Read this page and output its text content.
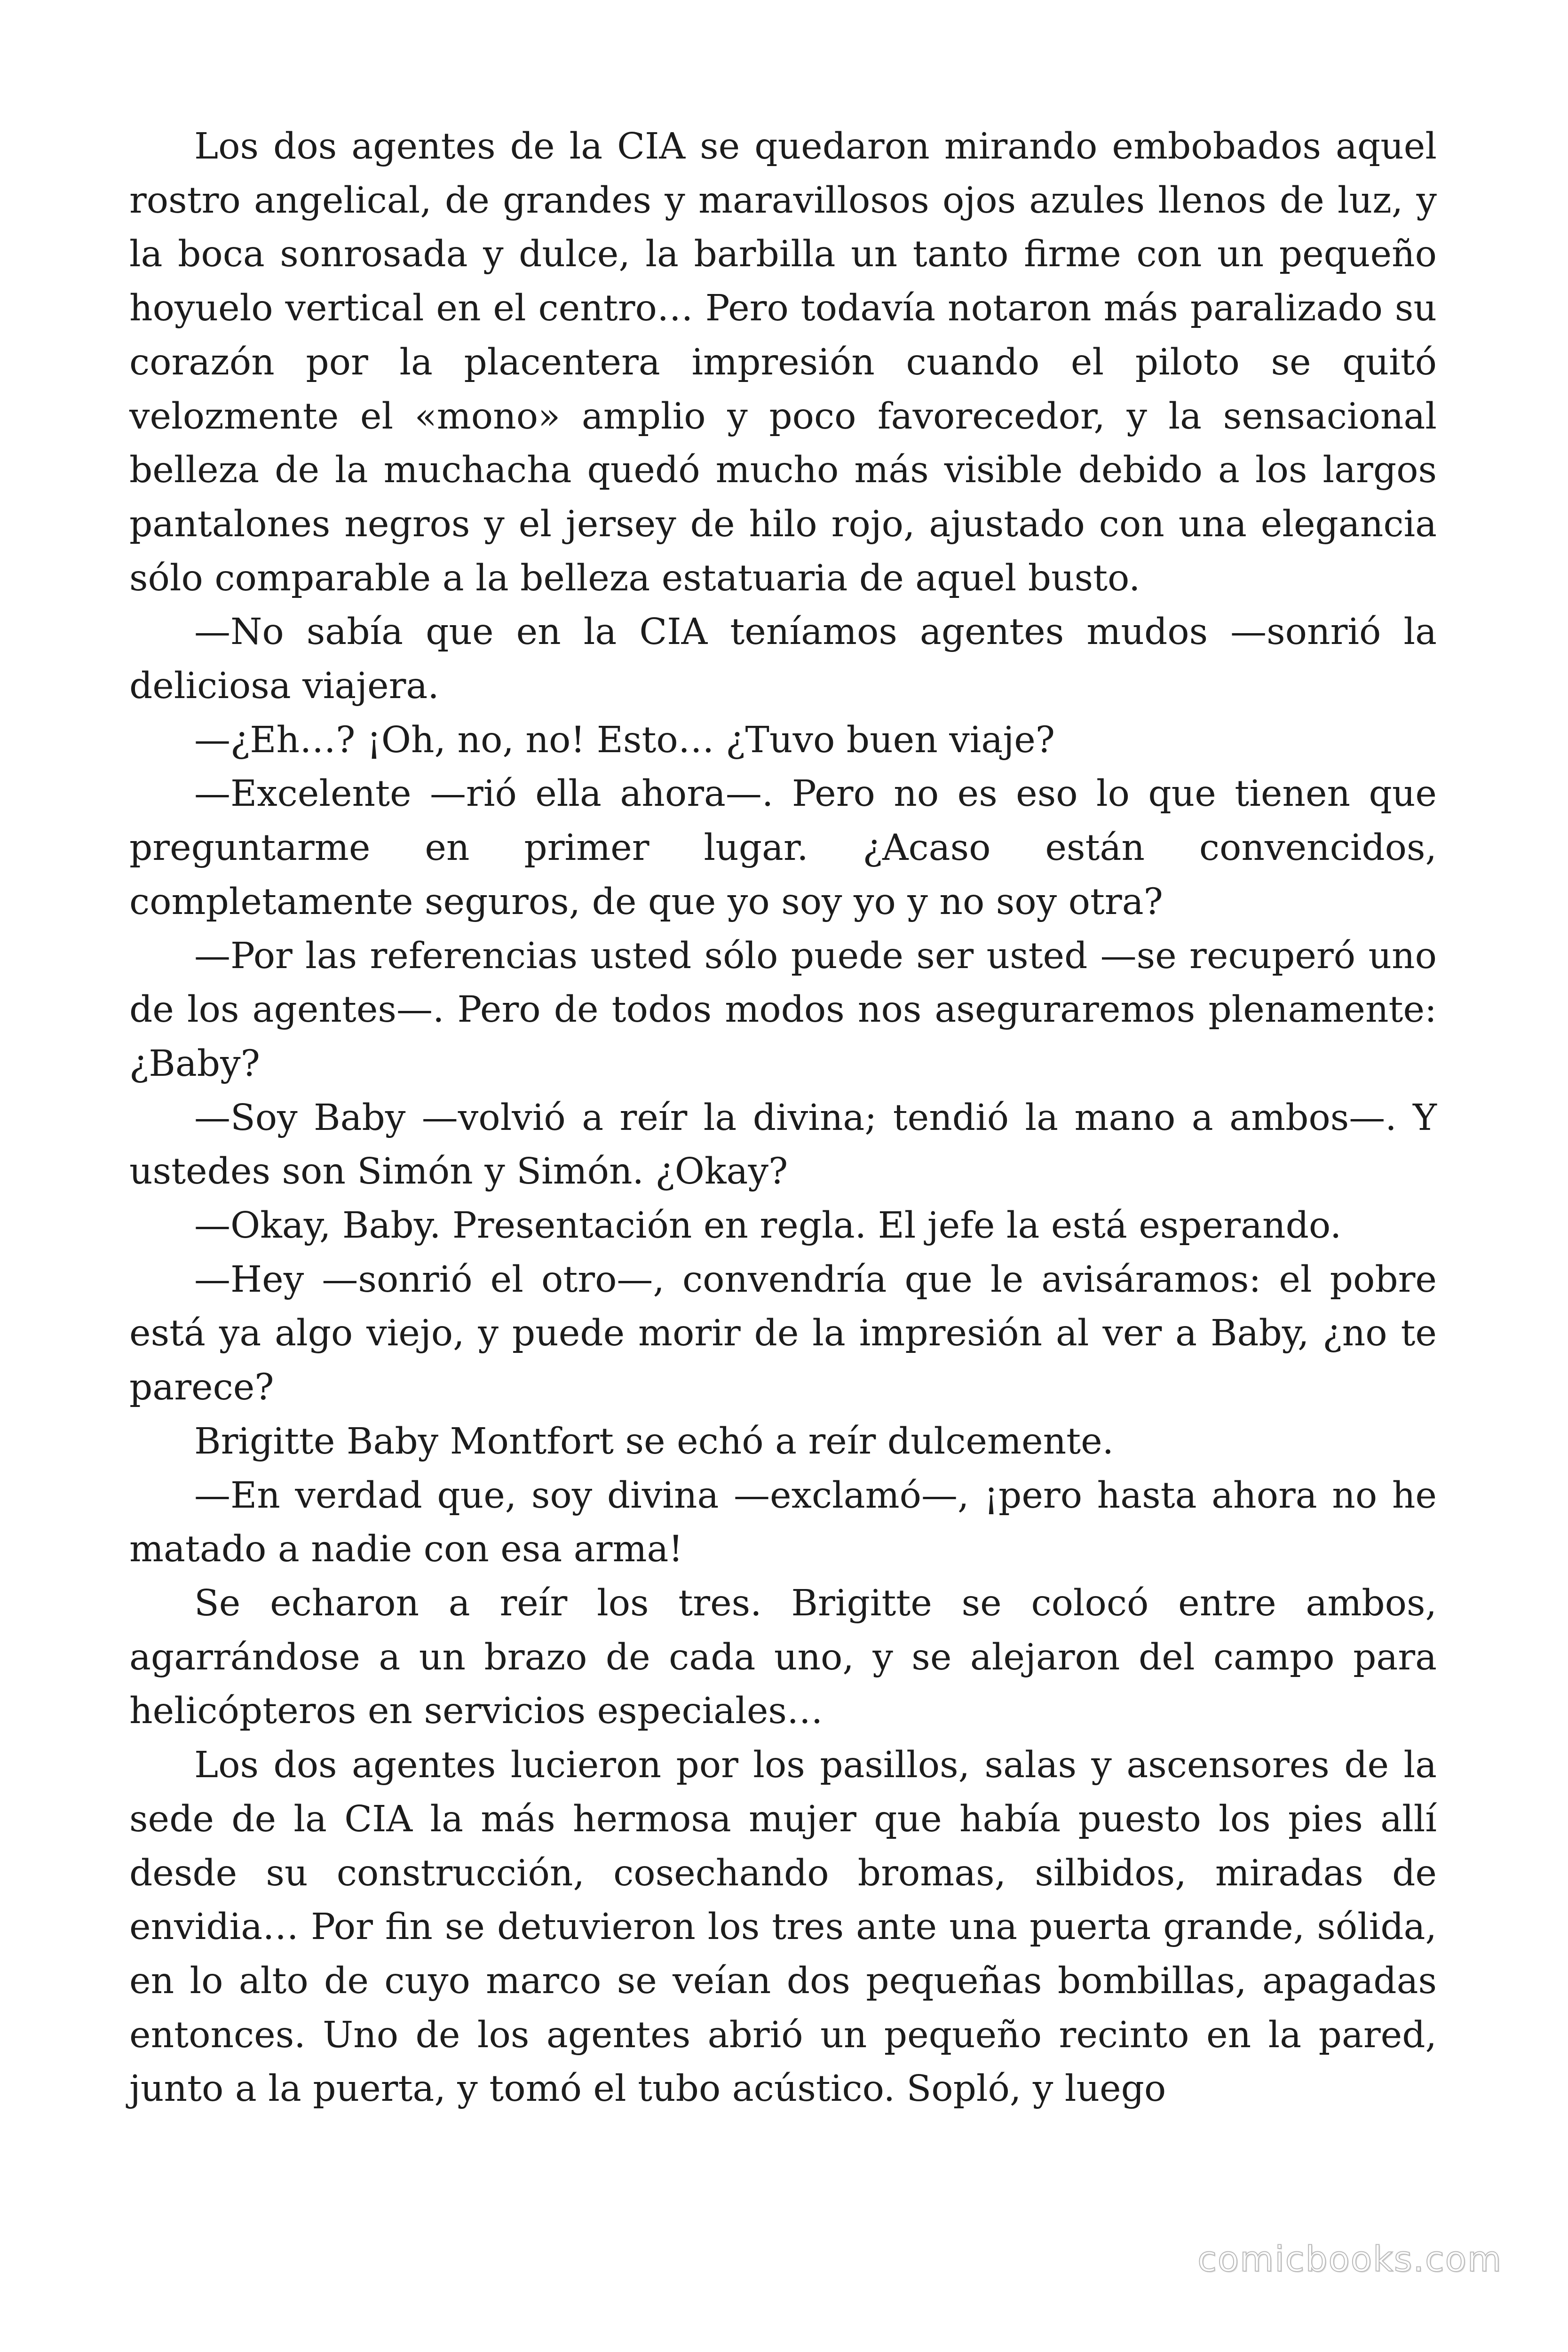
Los dos agentes de la CIA se quedaron mirando embobados aquel rostro angelical, de grandes y maravillosos ojos azules llenos de luz, y la boca sonrosada y dulce, la barbilla un tanto firme con un pequeño hoyuelo vertical en el centro… Pero todavía notaron más paralizado su corazón por la placentera impresión cuando el piloto se quitó velozmente el «mono» amplio y poco favorecedor, y la sensacional belleza de la muchacha quedó mucho más visible debido a los largos pantalones negros y el jersey de hilo rojo, ajustado con una elegancia sólo comparable a la belleza estatuaria de aquel busto.

—No sabía que en la CIA teníamos agentes mudos —sonrió la deliciosa viajera.

—¿Eh…? ¡Oh, no, no! Esto… ¿Tuvo buen viaje?

—Excelente —rió ella ahora—. Pero no es eso lo que tienen que preguntarme en primer lugar. ¿Acaso están convencidos, completamente seguros, de que yo soy yo y no soy otra?

—Por las referencias usted sólo puede ser usted —se recuperó uno de los agentes—. Pero de todos modos nos aseguraremos plenamente: ¿Baby?

—Soy Baby —volvió a reír la divina; tendió la mano a ambos—. Y ustedes son Simón y Simón. ¿Okay?

—Okay, Baby. Presentación en regla. El jefe la está esperando.

—Hey —sonrió el otro—, convendría que le avisáramos: el pobre está ya algo viejo, y puede morir de la impresión al ver a Baby, ¿no te parece?

Brigitte Baby Montfort se echó a reír dulcemente.

—En verdad que, soy divina —exclamó—, ¡pero hasta ahora no he matado a nadie con esa arma!

Se echaron a reír los tres. Brigitte se colocó entre ambos, agarrándose a un brazo de cada uno, y se alejaron del campo para helicópteros en servicios especiales…

Los dos agentes lucieron por los pasillos, salas y ascensores de la sede de la CIA la más hermosa mujer que había puesto los pies allí desde su construcción, cosechando bromas, silbidos, miradas de envidia… Por fin se detuvieron los tres ante una puerta grande, sólida, en lo alto de cuyo marco se veían dos pequeñas bombillas, apagadas entonces. Uno de los agentes abrió un pequeño recinto en la pared, junto a la puerta, y tomó el tubo acústico. Sopló, y luego

comicbooks.com
